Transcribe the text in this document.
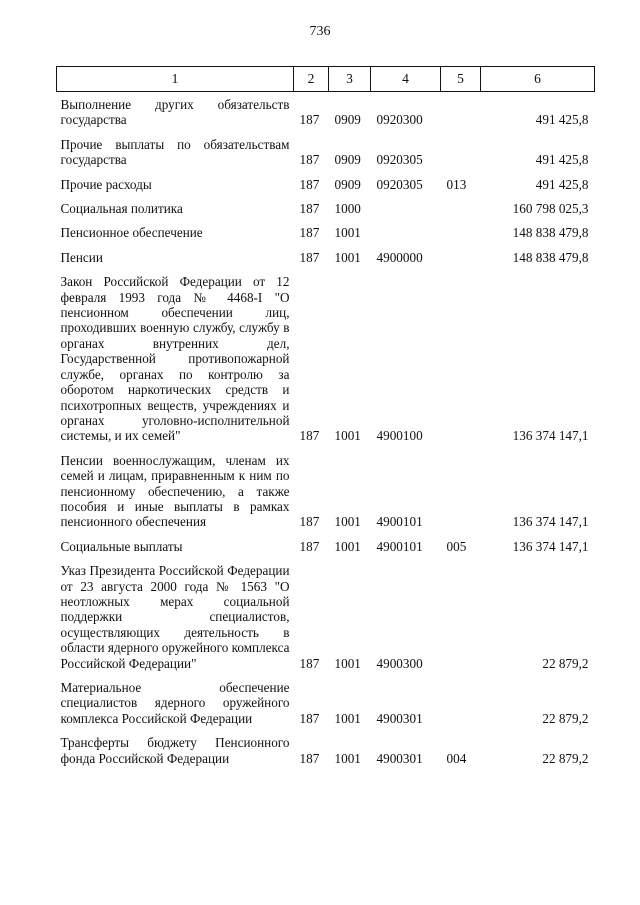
736
1	2	3	4	5	6
Выполнение других обязательств государства	187	0909	0920300		491 425,8
Прочие выплаты по обязательствам государства	187	0909	0920305		491 425,8
Прочие расходы	187	0909	0920305	013	491 425,8
Социальная политика	187	1000			160 798 025,3
Пенсионное обеспечение	187	1001			148 838 479,8
Пенсии	187	1001	4900000		148 838 479,8
Закон Российской Федерации от 12 февраля 1993 года № 4468-I "О пенсионном обеспечении лиц, проходивших военную службу, службу в органах внутренних дел, Государственной противопожарной службе, органах по контролю за оборотом наркотических средств и психотропных веществ, учреждениях и органах уголовно-исполнительной системы, и их семей"	187	1001	4900100		136 374 147,1
Пенсии военнослужащим, членам их семей и лицам, приравненным к ним по пенсионному обеспечению, а также пособия и иные выплаты в рамках пенсионного обеспечения	187	1001	4900101		136 374 147,1
Социальные выплаты	187	1001	4900101	005	136 374 147,1
Указ Президента Российской Федерации от 23 августа 2000 года № 1563 "О неотложных мерах социальной поддержки специалистов, осуществляющих деятельность в области ядерного оружейного комплекса Российской Федерации"	187	1001	4900300		22 879,2
Материальное обеспечение специалистов ядерного оружейного комплекса Российской Федерации	187	1001	4900301		22 879,2
Трансферты бюджету Пенсионного фонда Российской Федерации	187	1001	4900301	004	22 879,2
